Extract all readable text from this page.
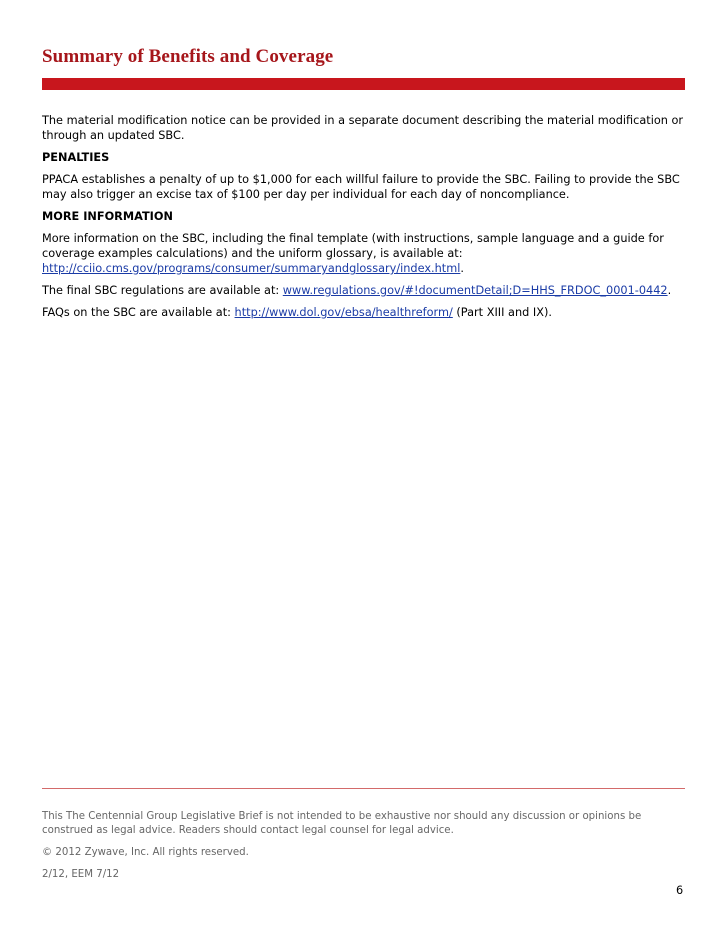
Summary of Benefits and Coverage

The material modification notice can be provided in a separate document describing the material modification or through an updated SBC.

PENALTIES

PPACA establishes a penalty of up to $1,000 for each willful failure to provide the SBC. Failing to provide the SBC may also trigger an excise tax of $100 per day per individual for each day of noncompliance.

MORE INFORMATION

More information on the SBC, including the final template (with instructions, sample language and a guide for coverage examples calculations) and the uniform glossary, is available at: http://cciio.cms.gov/programs/consumer/summaryandglossary/index.html.

The final SBC regulations are available at: www.regulations.gov/#!documentDetail;D=HHS_FRDOC_0001-0442.

FAQs on the SBC are available at: http://www.dol.gov/ebsa/healthreform/ (Part XIII and IX).

This The Centennial Group Legislative Brief is not intended to be exhaustive nor should any discussion or opinions be construed as legal advice. Readers should contact legal counsel for legal advice.

© 2012 Zywave, Inc. All rights reserved.

2/12, EEM 7/12

6
